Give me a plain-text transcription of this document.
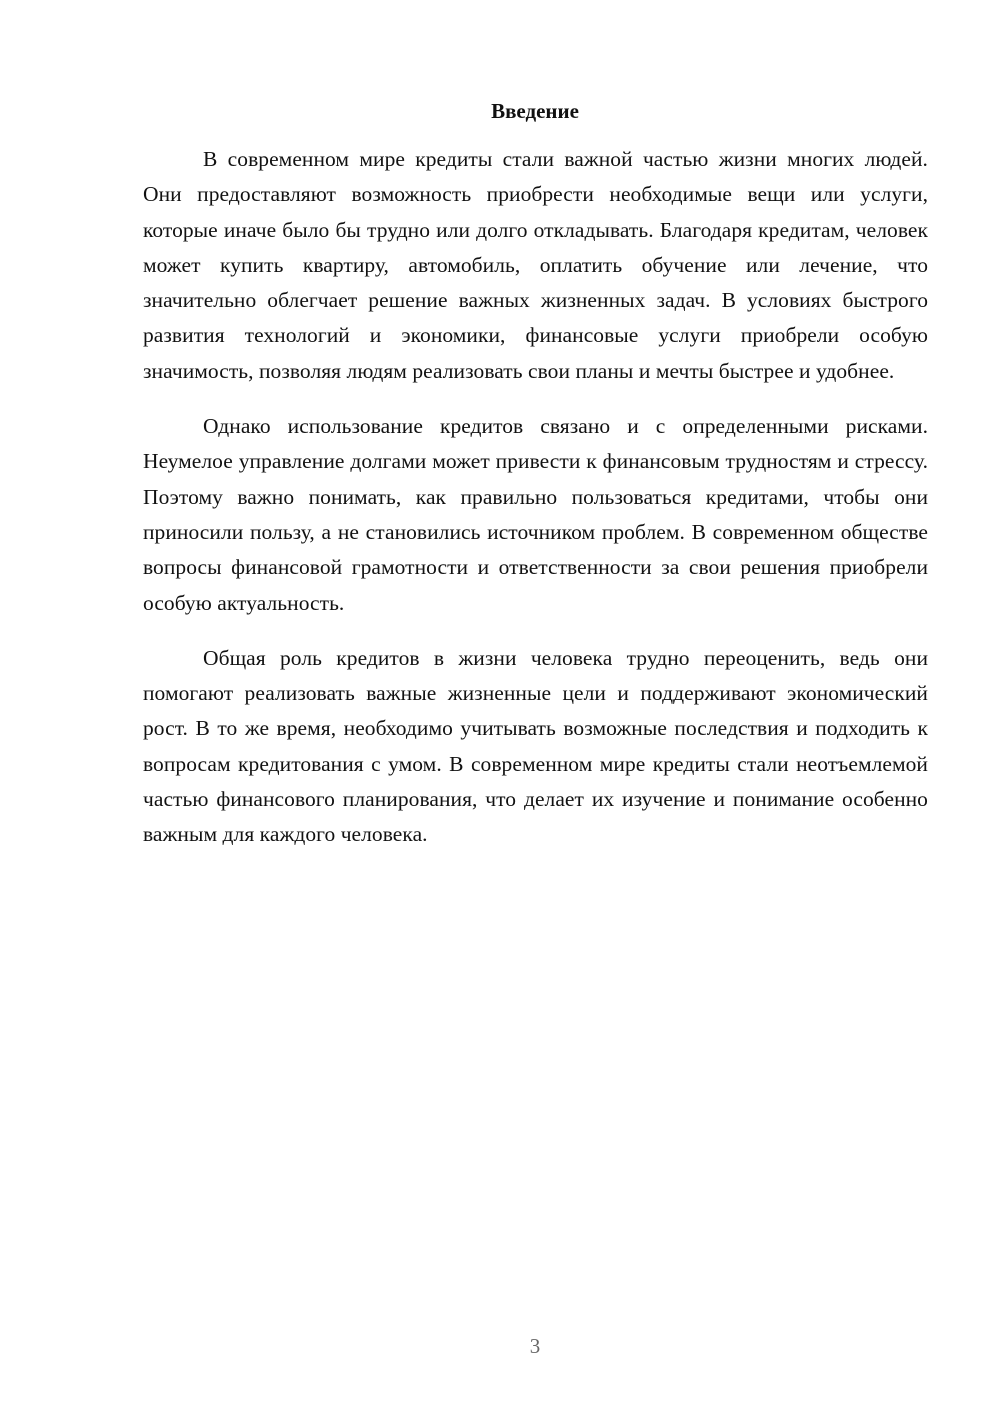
Введение

В современном мире кредиты стали важной частью жизни многих людей. Они предоставляют возможность приобрести необходимые вещи или услуги, которые иначе было бы трудно или долго откладывать. Благодаря кредитам, человек может купить квартиру, автомобиль, оплатить обучение или лечение, что значительно облегчает решение важных жизненных задач. В условиях быстрого развития технологий и экономики, финансовые услуги приобрели особую значимость, позволяя людям реализовать свои планы и мечты быстрее и удобнее.

Однако использование кредитов связано и с определенными рисками. Неумелое управление долгами может привести к финансовым трудностям и стрессу. Поэтому важно понимать, как правильно пользоваться кредитами, чтобы они приносили пользу, а не становились источником проблем. В современном обществе вопросы финансовой грамотности и ответственности за свои решения приобрели особую актуальность.

Общая роль кредитов в жизни человека трудно переоценить, ведь они помогают реализовать важные жизненные цели и поддерживают экономический рост. В то же время, необходимо учитывать возможные последствия и подходить к вопросам кредитования с умом. В современном мире кредиты стали неотъемлемой частью финансового планирования, что делает их изучение и понимание особенно важным для каждого человека.

3
